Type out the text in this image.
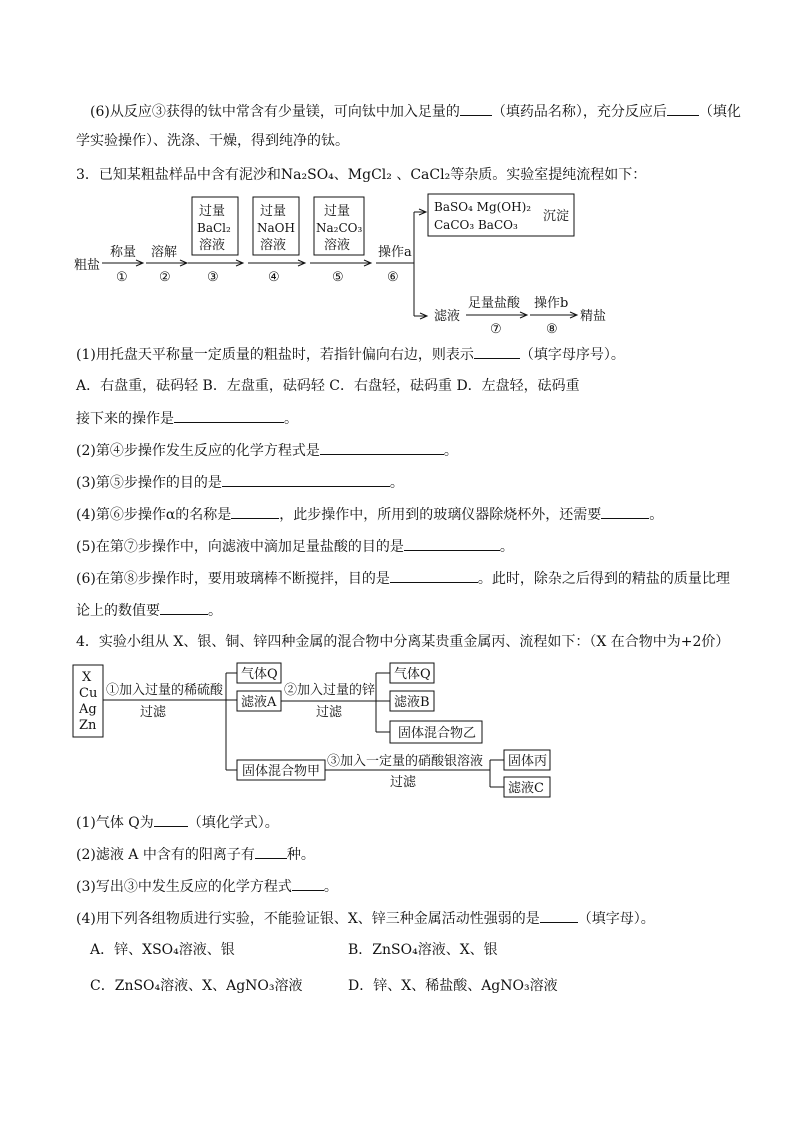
(6)从反应③获得的钛中常含有少量镁，可向钛中加入足量的 （填药品名称），充分反应后 （填化
学实验操作）、洗涤、干燥，得到纯净的钛。
3．已知某粗盐样品中含有泥沙和Na₂SO₄、MgCl₂ 、CaCl₂等杂质。实验室提纯流程如下：
粗盐
称量
①
溶解
②
过量
BaCl₂
溶液
③
过量
NaOH
溶液
④
过量
Na₂CO₃
溶液
⑤
操作a
⑥
BaSO₄ Mg(OH)₂
CaCO₃ BaCO₃
沉淀
滤液
足量盐酸
⑦
操作b
⑧
精盐
(1)用托盘天平称量一定质量的粗盐时，若指针偏向右边，则表示	（填字母序号）。
A．右盘重，砝码轻 B．左盘重，砝码轻 C．右盘轻，砝码重 D．左盘轻，砝码重
接下来的操作是	。
(2)第④步操作发生反应的化学方程式是	。
(3)第⑤步操作的目的是	。
(4)第⑥步操作α的名称是	，此步操作中，所用到的玻璃仪器除烧杯外，还需要	。
(5)在第⑦步操作中，向滤液中滴加足量盐酸的目的是	。
(6)在第⑧步操作时，要用玻璃棒不断搅拌，目的是	。此时，除杂之后得到的精盐的质量比理
论上的数值要	。
4．实验小组从 X、银、铜、锌四种金属的混合物中分离某贵重金属丙、流程如下：（X 在合物中为+2价）
X
Cu
Ag
Zn
①加入过量的稀硫酸
过滤
气体Q
滤液A
②加入过量的锌
过滤
气体Q
滤液B
固体混合物乙
固体混合物甲
③加入一定量的硝酸银溶液
过滤
固体丙
滤液C
(1)气体 Q为 （填化学式）。
(2)滤液 A 中含有的阳离子有 种。
(3)写出③中发生反应的化学方程式 。
(4)用下列各组物质进行实验，不能验证银、X、锌三种金属活动性强弱的是	（填字母）。
A．锌、XSO₄溶液、银	B．ZnSO₄溶液、X、银
C．ZnSO₄溶液、X、AgNO₃溶液	D．锌、X、稀盐酸、AgNO₃溶液
